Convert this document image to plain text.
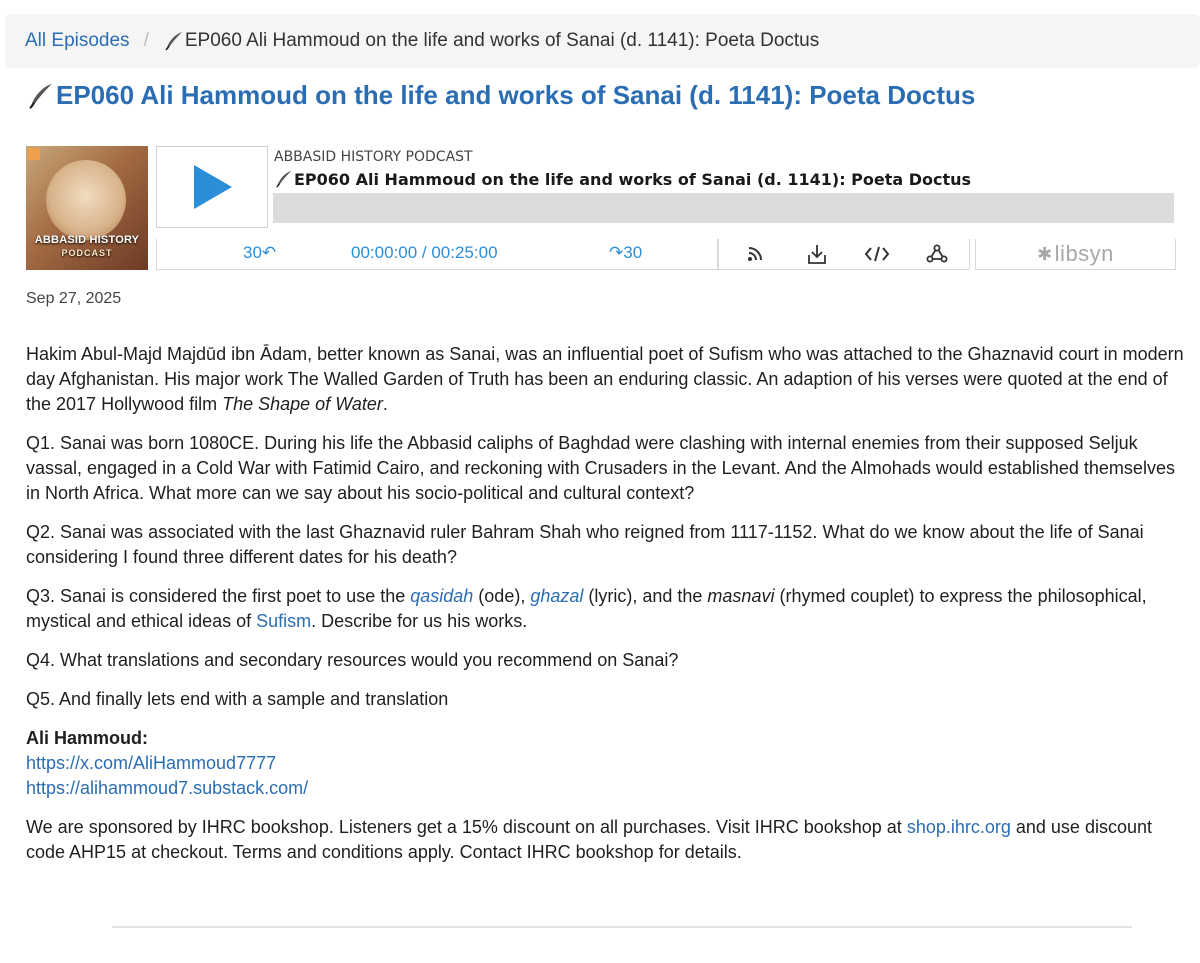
All Episodes / EP060 Ali Hammoud on the life and works of Sanai (d. 1141): Poeta Doctus
EP060 Ali Hammoud on the life and works of Sanai (d. 1141): Poeta Doctus
ABBASID HISTORY
PODCAST
ABBASID HISTORY PODCAST
EP060 Ali Hammoud on the life and works of Sanai (d. 1141): Poeta Doctus
30↶	00:00:00 / 00:25:00	↷30	✱ libsyn
Sep 27, 2025

Hakim Abul-Majd Majdūd ibn Ādam, better known as Sanai, was an influential poet of Sufism who was attached to the Ghaznavid court in modern day Afghanistan. His major work The Walled Garden of Truth has been an enduring classic. An adaption of his verses were quoted at the end of the 2017 Hollywood film The Shape of Water.

Q1. Sanai was born 1080CE. During his life the Abbasid caliphs of Baghdad were clashing with internal enemies from their supposed Seljuk vassal, engaged in a Cold War with Fatimid Cairo, and reckoning with Crusaders in the Levant. And the Almohads would established themselves in North Africa. What more can we say about his socio-political and cultural context?

Q2. Sanai was associated with the last Ghaznavid ruler Bahram Shah who reigned from 1117-1152. What do we know about the life of Sanai considering I found three different dates for his death?

Q3. Sanai is considered the first poet to use the qasidah (ode), ghazal (lyric), and the masnavi (rhymed couplet) to express the philosophical, mystical and ethical ideas of Sufism. Describe for us his works.

Q4. What translations and secondary resources would you recommend on Sanai?

Q5. And finally lets end with a sample and translation

Ali Hammoud:
https://x.com/AliHammoud7777
https://alihammoud7.substack.com/

We are sponsored by IHRC bookshop. Listeners get a 15% discount on all purchases. Visit IHRC bookshop at shop.ihrc.org and use discount code AHP15 at checkout. Terms and conditions apply. Contact IHRC bookshop for details.
